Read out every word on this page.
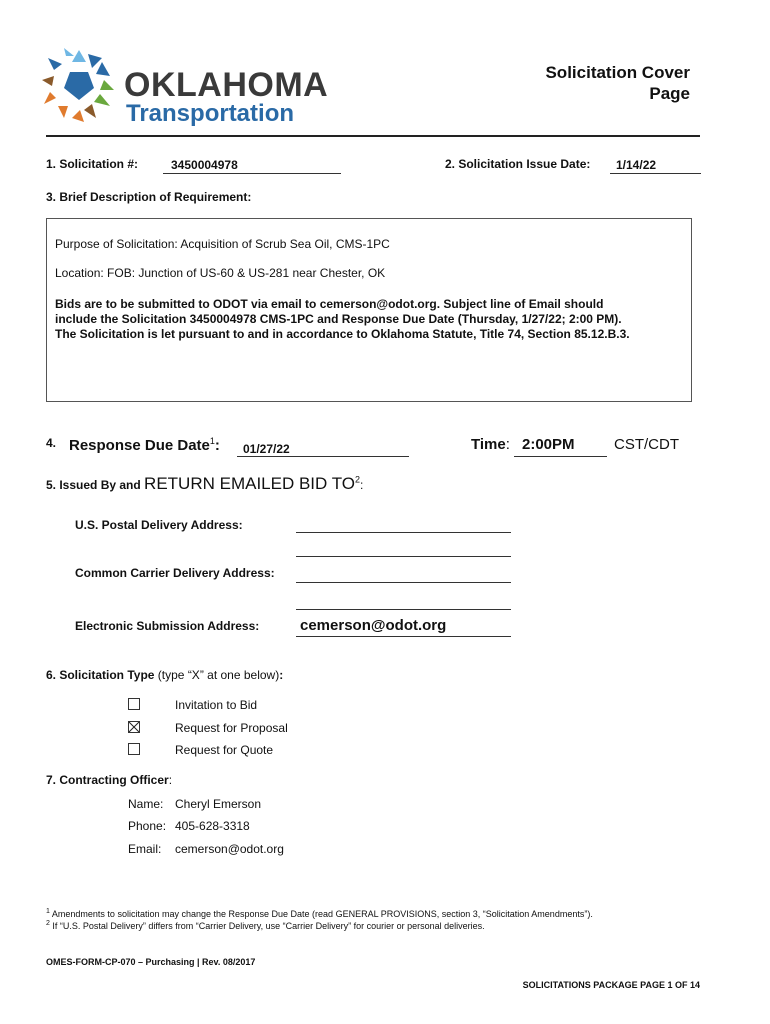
OKLAHOMA
Transportation
Solicitation Cover
Page
1. Solicitation #:	3450004978	2. Solicitation Issue Date:	1/14/22
3. Brief Description of Requirement:

Purpose of Solicitation: Acquisition of Scrub Sea Oil, CMS-1PC

Location: FOB: Junction of US-60 & US-281 near Chester, OK

Bids are to be submitted to ODOT via email to cemerson@odot.org. Subject line of Email should

include the Solicitation 3450004978 CMS-1PC and Response Due Date (Thursday, 1/27/22; 2:00 PM).

The Solicitation is let pursuant to and in accordance to Oklahoma Statute, Title 74, Section 85.12.B.3.

4. Response Due Date$^1$:	01/27/22	Time: 2:00PM	CST/CDT
5. Issued By and RETURN EMAILED BID $TO^2$:
U.S. Postal Delivery Address:
Common Carrier Delivery Address:
Electronic Submission Address:	cemerson@odot.org
6. Solicitation Type (type “X” at one below):
Invitation to Bid
Request for Proposal
Request for Quote
7. Contracting Officer:
Name: Cheryl Emerson
Phone: 405-628-3318
Email: cemerson@odot.org
$^1$ Amendments to solicitation may change the Response Due Date (read GENERAL PROVISIONS, section 3, “Solicitation Amendments”).
$^2$ If “U.S. Postal Delivery” differs from “Carrier Delivery, use “Carrier Delivery” for courier or personal deliveries.
OMES-FORM-CP-070 – Purchasing | Rev. 08/2017
SOLICITATIONS PACKAGE PAGE 1 OF 14
